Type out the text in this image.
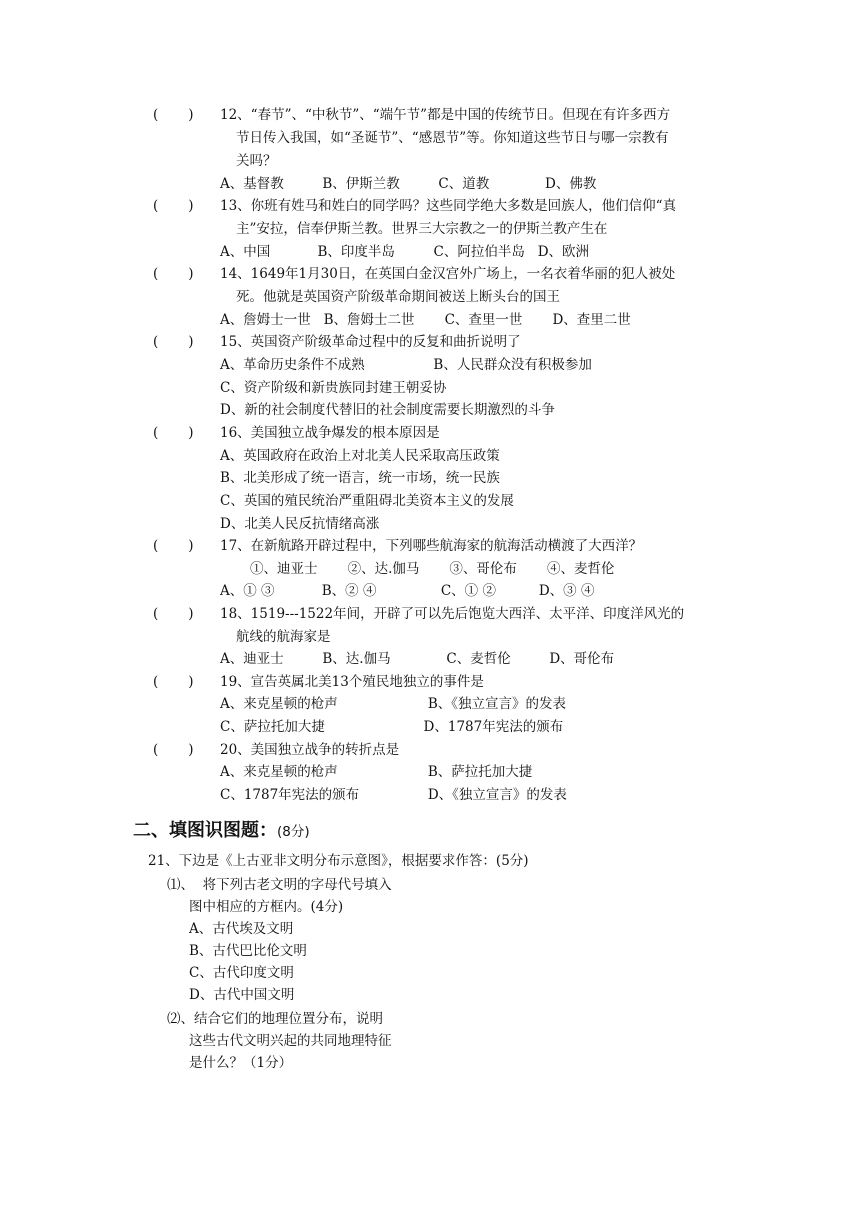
(       ) 12、“春节”、“中秋节”、“端午节”都是中国的传统节日。但现在有许多西方
节日传入我国，如“圣诞节”、“感恩节”等。你知道这些节日与哪一宗教有
关吗？
A、基督教         B、伊斯兰教         C、道教             D、佛教
(       ) 13、你班有姓马和姓白的同学吗？这些同学绝大多数是回族人，他们信仰“真
主”安拉，信奉伊斯兰教。世界三大宗教之一的伊斯兰教产生在
A、中国           B、印度半岛         C、阿拉伯半岛   D、欧洲
(       ) 14、1649年1月30日，在英国白金汉宫外广场上，一名衣着华丽的犯人被处
死。他就是英国资产阶级革命期间被送上断头台的国王
A、詹姆士一世   B、詹姆士二世       C、查里一世       D、查里二世
(       ) 15、英国资产阶级革命过程中的反复和曲折说明了
A、革命历史条件不成熟                B、人民群众没有积极参加
C、资产阶级和新贵族同封建王朝妥协
D、新的社会制度代替旧的社会制度需要长期激烈的斗争
(       ) 16、美国独立战争爆发的根本原因是
A、英国政府在政治上对北美人民采取高压政策
B、北美形成了统一语言，统一市场，统一民族
C、英国的殖民统治严重阻碍北美资本主义的发展
D、北美人民反抗情绪高涨
(       ) 17、在新航路开辟过程中，下列哪些航海家的航海活动横渡了大西洋？
①、迪亚士       ②、达.伽马       ③、哥伦布       ④、麦哲伦
A、① ③           B、② ④               C、① ②          D、③ ④
(       ) 18、1519---1522年间，开辟了可以先后饱览大西洋、太平洋、印度洋风光的
航线的航海家是
A、迪亚士         B、达.伽马             C、麦哲伦         D、哥伦布
(       ) 19、宣告英属北美13个殖民地独立的事件是
A、来克星顿的枪声                     B、《独立宣言》的发表
C、萨拉托加大捷                       D、1787年宪法的颁布
(       ) 20、美国独立战争的转折点是
A、来克星顿的枪声                     B、萨拉托加大捷
C、1787年宪法的颁布                D、《独立宣言》的发表
二、填图识图题：(8分)
21、下边是《上古亚非文明分布示意图》，根据要求作答：(5分)
⑴、  将下列古老文明的字母代号填入
图中相应的方框内。(4分)
A、古代埃及文明
B、古代巴比伦文明
C、古代印度文明
D、古代中国文明
⑵、结合它们的地理位置分布，说明
这些古代文明兴起的共同地理特征
是什么？（1分）
